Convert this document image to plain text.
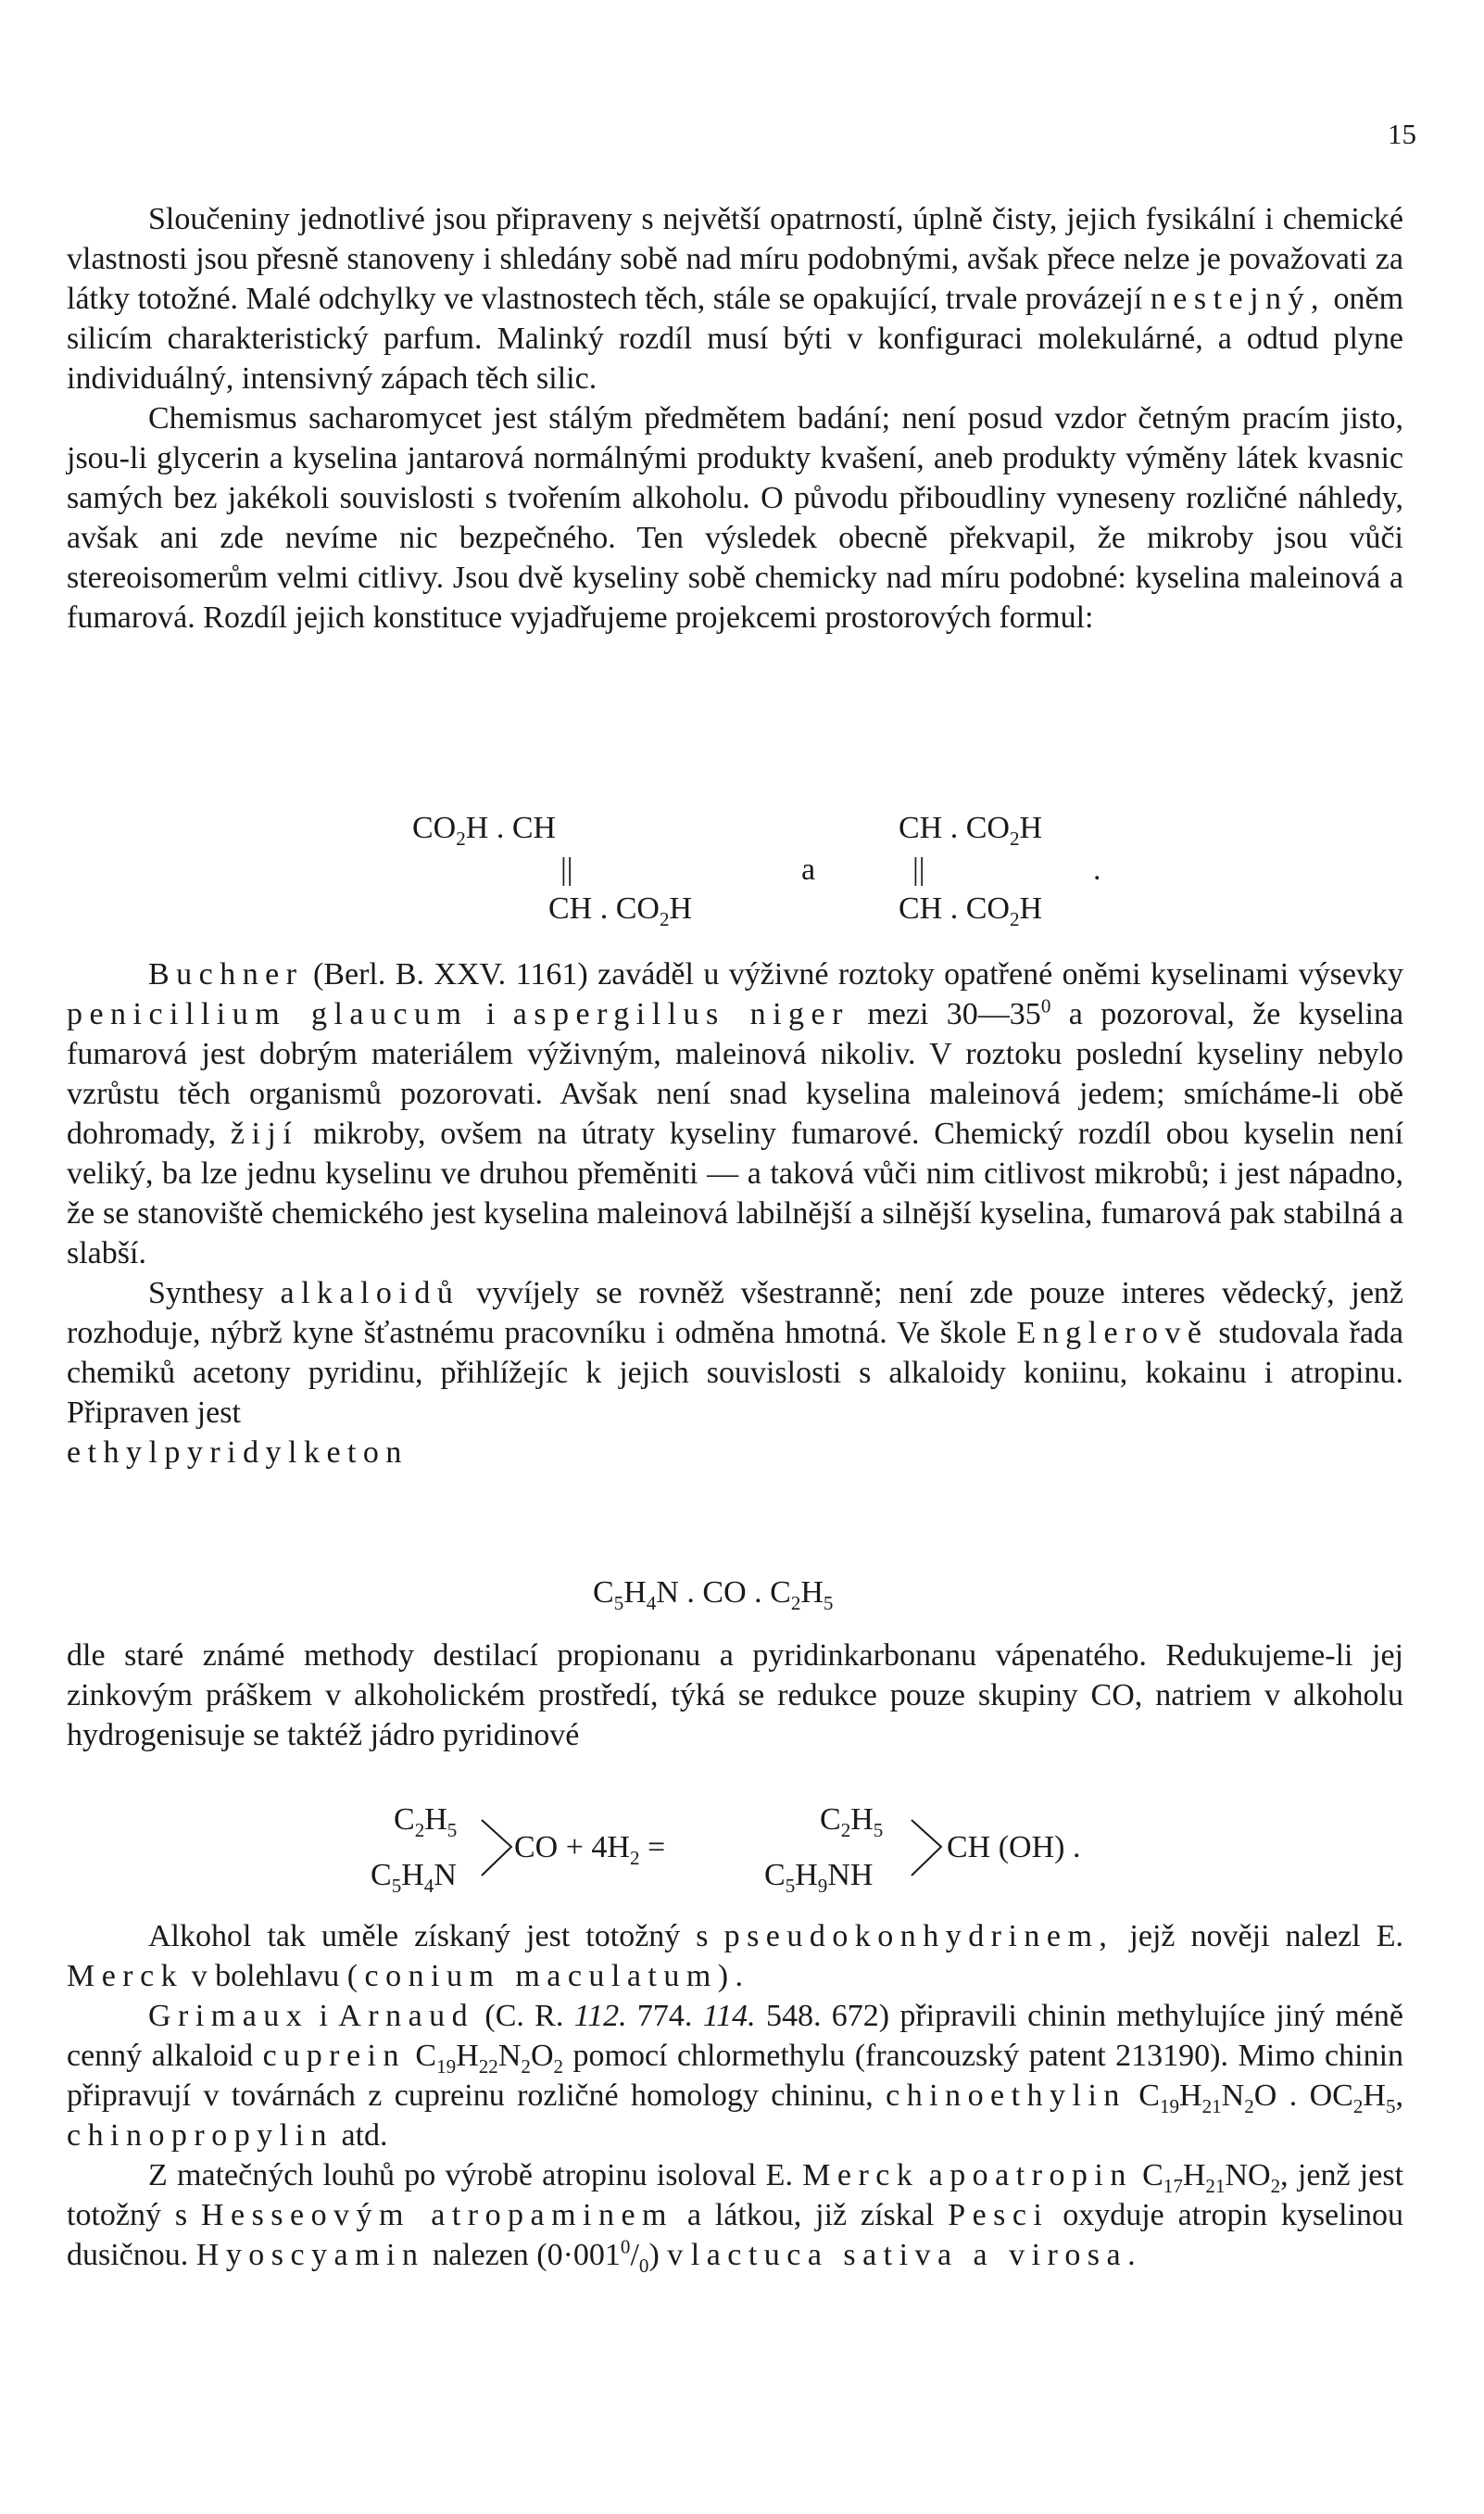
15

Sloučeniny jednotlivé jsou připraveny s největší opatrností, úplně čisty, jejich fysikální i chemické vlastnosti jsou přesně stanoveny i shledány sobě nad míru podobnými, avšak přece nelze je považovati za látky totožné. Malé odchylky ve vlastnostech těch, stále se opakující, trvale provázejí nestejný, oněm silicím charakteristický parfum. Malinký rozdíl musí býti v konfiguraci molekulárné, a odtud plyne individuálný, intensivný zápach těch silic.

Chemismus sacharomycet jest stálým předmětem badání; není posud vzdor četným pracím jisto, jsou-li glycerin a kyselina jantarová normálnými produkty kvašení, aneb produkty výměny látek kvasnic samých bez jakékoli souvislosti s tvořením alkoholu. O původu přiboudliny vyneseny rozličné náhledy, avšak ani zde nevíme nic bezpečného. Ten výsledek obecně překvapil, že mikroby jsou vůči stereoisomerům velmi citlivy. Jsou dvě kyseliny sobě chemicky nad míru podobné: kyselina maleinová a fumarová. Rozdíl jejich konstituce vyjadřujeme projekcemi prostorových formul:

$CO_2H$ . CH
||
CH . $CO_2H$
a
CH . $CO_2H$
||
CH . $CO_2H$
.

Buchner (Berl. B. XXV. 1161) zaváděl u výživné roztoky opatřené oněmi kyselinami výsevky penicillium glaucum i aspergillus niger mezi $30—35^0$ a pozoroval, že kyselina fumarová jest dobrým materiálem výživným, maleinová nikoliv. V roztoku poslední kyseliny nebylo vzrůstu těch organismů pozorovati. Avšak není snad kyselina maleinová jedem; smícháme-li obě dohromady, žijí mikroby, ovšem na útraty kyseliny fumarové. Chemický rozdíl obou kyselin není veliký, ba lze jednu kyselinu ve druhou přeměniti — a taková vůči nim citlivost mikrobů; i jest nápadno, že se stanoviště chemického jest kyselina maleinová labilnější a silnější kyselina, fumarová pak stabilná a slabší.

Synthesy alkaloidů vyvíjely se rovněž všestranně; není zde pouze interes vědecký, jenž rozhoduje, nýbrž kyne šťastnému pracovníku i odměna hmotná. Ve škole Englerově studovala řada chemiků acetony pyridinu, přihlížejíc k jejich souvislosti s alkaloidy koniinu, kokainu i atropinu. Připraven jest
ethylpyridylketon

$C_5H_4N$ . CO . $C_2H_5$

dle staré známé methody destilací propionanu a pyridinkarbonanu vápenatého. Redukujeme-li jej zinkovým práškem v alkoholickém prostředí, týká se redukce pouze skupiny CO, natriem v alkoholu hydrogenisuje se taktéž jádro pyridinové

$C_2H_5$
$C_5H_4N$
CO + $4H_2$ =
$C_2H_5$
$C_5H_9NH$
CH (OH) .

Alkohol tak uměle získaný jest totožný s pseudokonhydrinem, jejž nověji nalezl E. Merck v bolehlavu (conium maculatum).

Grimaux i Arnaud (C. R. 112. 774. 114. 548. 672) připravili chinin methylujíce jiný méně cenný alkaloid cuprein $C_{19}H_{22}N_2O_2$ pomocí chlormethylu (francouzský patent 213190). Mimo chinin připravují v továrnách z cupreinu rozličné homology chininu, chinoethylin $C_{19}H_{21}N_2O$ . $OC_2H_5$, chinopropylin atd.

Z matečných louhů po výrobě atropinu isoloval E. Merck apoatropin $C_{17}H_{21}NO_2$, jenž jest totožný s Hesseovým atropaminem a látkou, již získal Pesci oxyduje atropin kyselinou dusičnou. Hyoscyamin nalezen $(0\cdot 001^0/_0)$ v lactuca sativa a virosa.
